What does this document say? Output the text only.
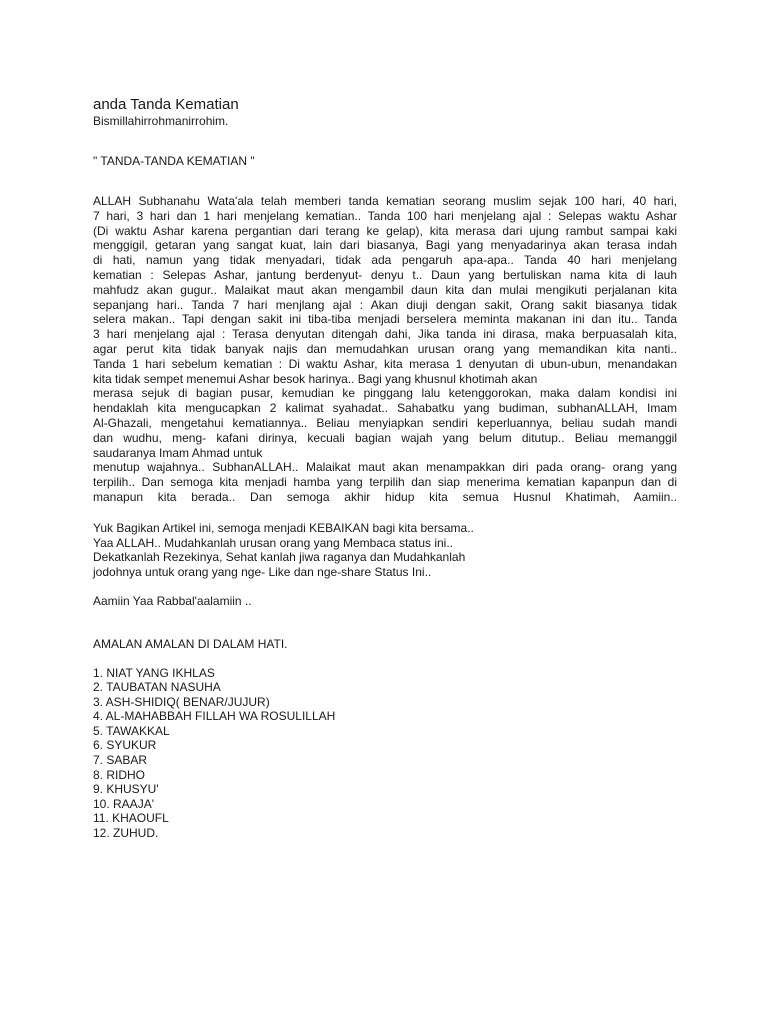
anda Tanda Kematian

Bismillahirrohmanirrohim.

" TANDA-TANDA KEMATIAN "

ALLAH Subhanahu Wata'ala telah memberi tanda kematian seorang muslim sejak 100 hari, 40 hari,
7 hari, 3 hari dan 1 hari menjelang kematian.. Tanda 100 hari menjelang ajal : Selepas waktu Ashar
(Di waktu Ashar karena pergantian dari terang ke gelap), kita merasa dari ujung rambut sampai kaki
menggigil, getaran yang sangat kuat, lain dari biasanya, Bagi yang menyadarinya akan terasa indah
di hati, namun yang tidak menyadari, tidak ada pengaruh apa-apa.. Tanda 40 hari menjelang
kematian : Selepas Ashar, jantung berdenyut- denyu t.. Daun yang bertuliskan nama kita di lauh
mahfudz akan gugur.. Malaikat maut akan mengambil daun kita dan mulai mengikuti perjalanan kita
sepanjang hari.. Tanda 7 hari menjlang ajal : Akan diuji dengan sakit, Orang sakit biasanya tidak
selera makan.. Tapi dengan sakit ini tiba-tiba menjadi berselera meminta makanan ini dan itu.. Tanda
3 hari menjelang ajal : Terasa denyutan ditengah dahi, Jika tanda ini dirasa, maka berpuasalah kita,
agar perut kita tidak banyak najis dan memudahkan urusan orang yang memandikan kita nanti..
Tanda 1 hari sebelum kematian : Di waktu Ashar, kita merasa 1 denyutan di ubun-ubun, menandakan
kita tidak sempet menemui Ashar besok harinya.. Bagi yang khusnul khotimah akan
merasa sejuk di bagian pusar, kemudian ke pinggang lalu ketenggorokan, maka dalam kondisi ini
hendaklah kita mengucapkan 2 kalimat syahadat.. Sahabatku yang budiman, subhanALLAH, Imam
Al-Ghazali, mengetahui kematiannya.. Beliau menyiapkan sendiri keperluannya, beliau sudah mandi
dan wudhu, meng- kafani dirinya, kecuali bagian wajah yang belum ditutup.. Beliau memanggil
saudaranya Imam Ahmad untuk
menutup wajahnya.. SubhanALLAH.. Malaikat maut akan menampakkan diri pada orang- orang yang
terpilih.. Dan semoga kita menjadi hamba yang terpilih dan siap menerima kematian kapanpun dan di
manapun kita berada.. Dan semoga akhir hidup kita semua Husnul Khatimah, Aamiin..
Yuk Bagikan Artikel ini, semoga menjadi KEBAIKAN bagi kita bersama..
Yaa ALLAH.. Mudahkanlah urusan orang yang Membaca status ini..
Dekatkanlah Rezekinya, Sehat kanlah jiwa raganya dan Mudahkanlah
jodohnya untuk orang yang nge- Like dan nge-share Status Ini..

Aamiin Yaa Rabbal'aalamiin ..

AMALAN AMALAN DI DALAM HATI.

1. NIAT YANG IKHLAS
2. TAUBATAN NASUHA
3. ASH-SHIDIQ( BENAR/JUJUR)
4. AL-MAHABBAH FILLAH WA ROSULILLAH
5. TAWAKKAL
6. SYUKUR
7. SABAR
8. RIDHO
9. KHUSYU'
10. RAAJA'
11. KHAOUFL
12. ZUHUD.
